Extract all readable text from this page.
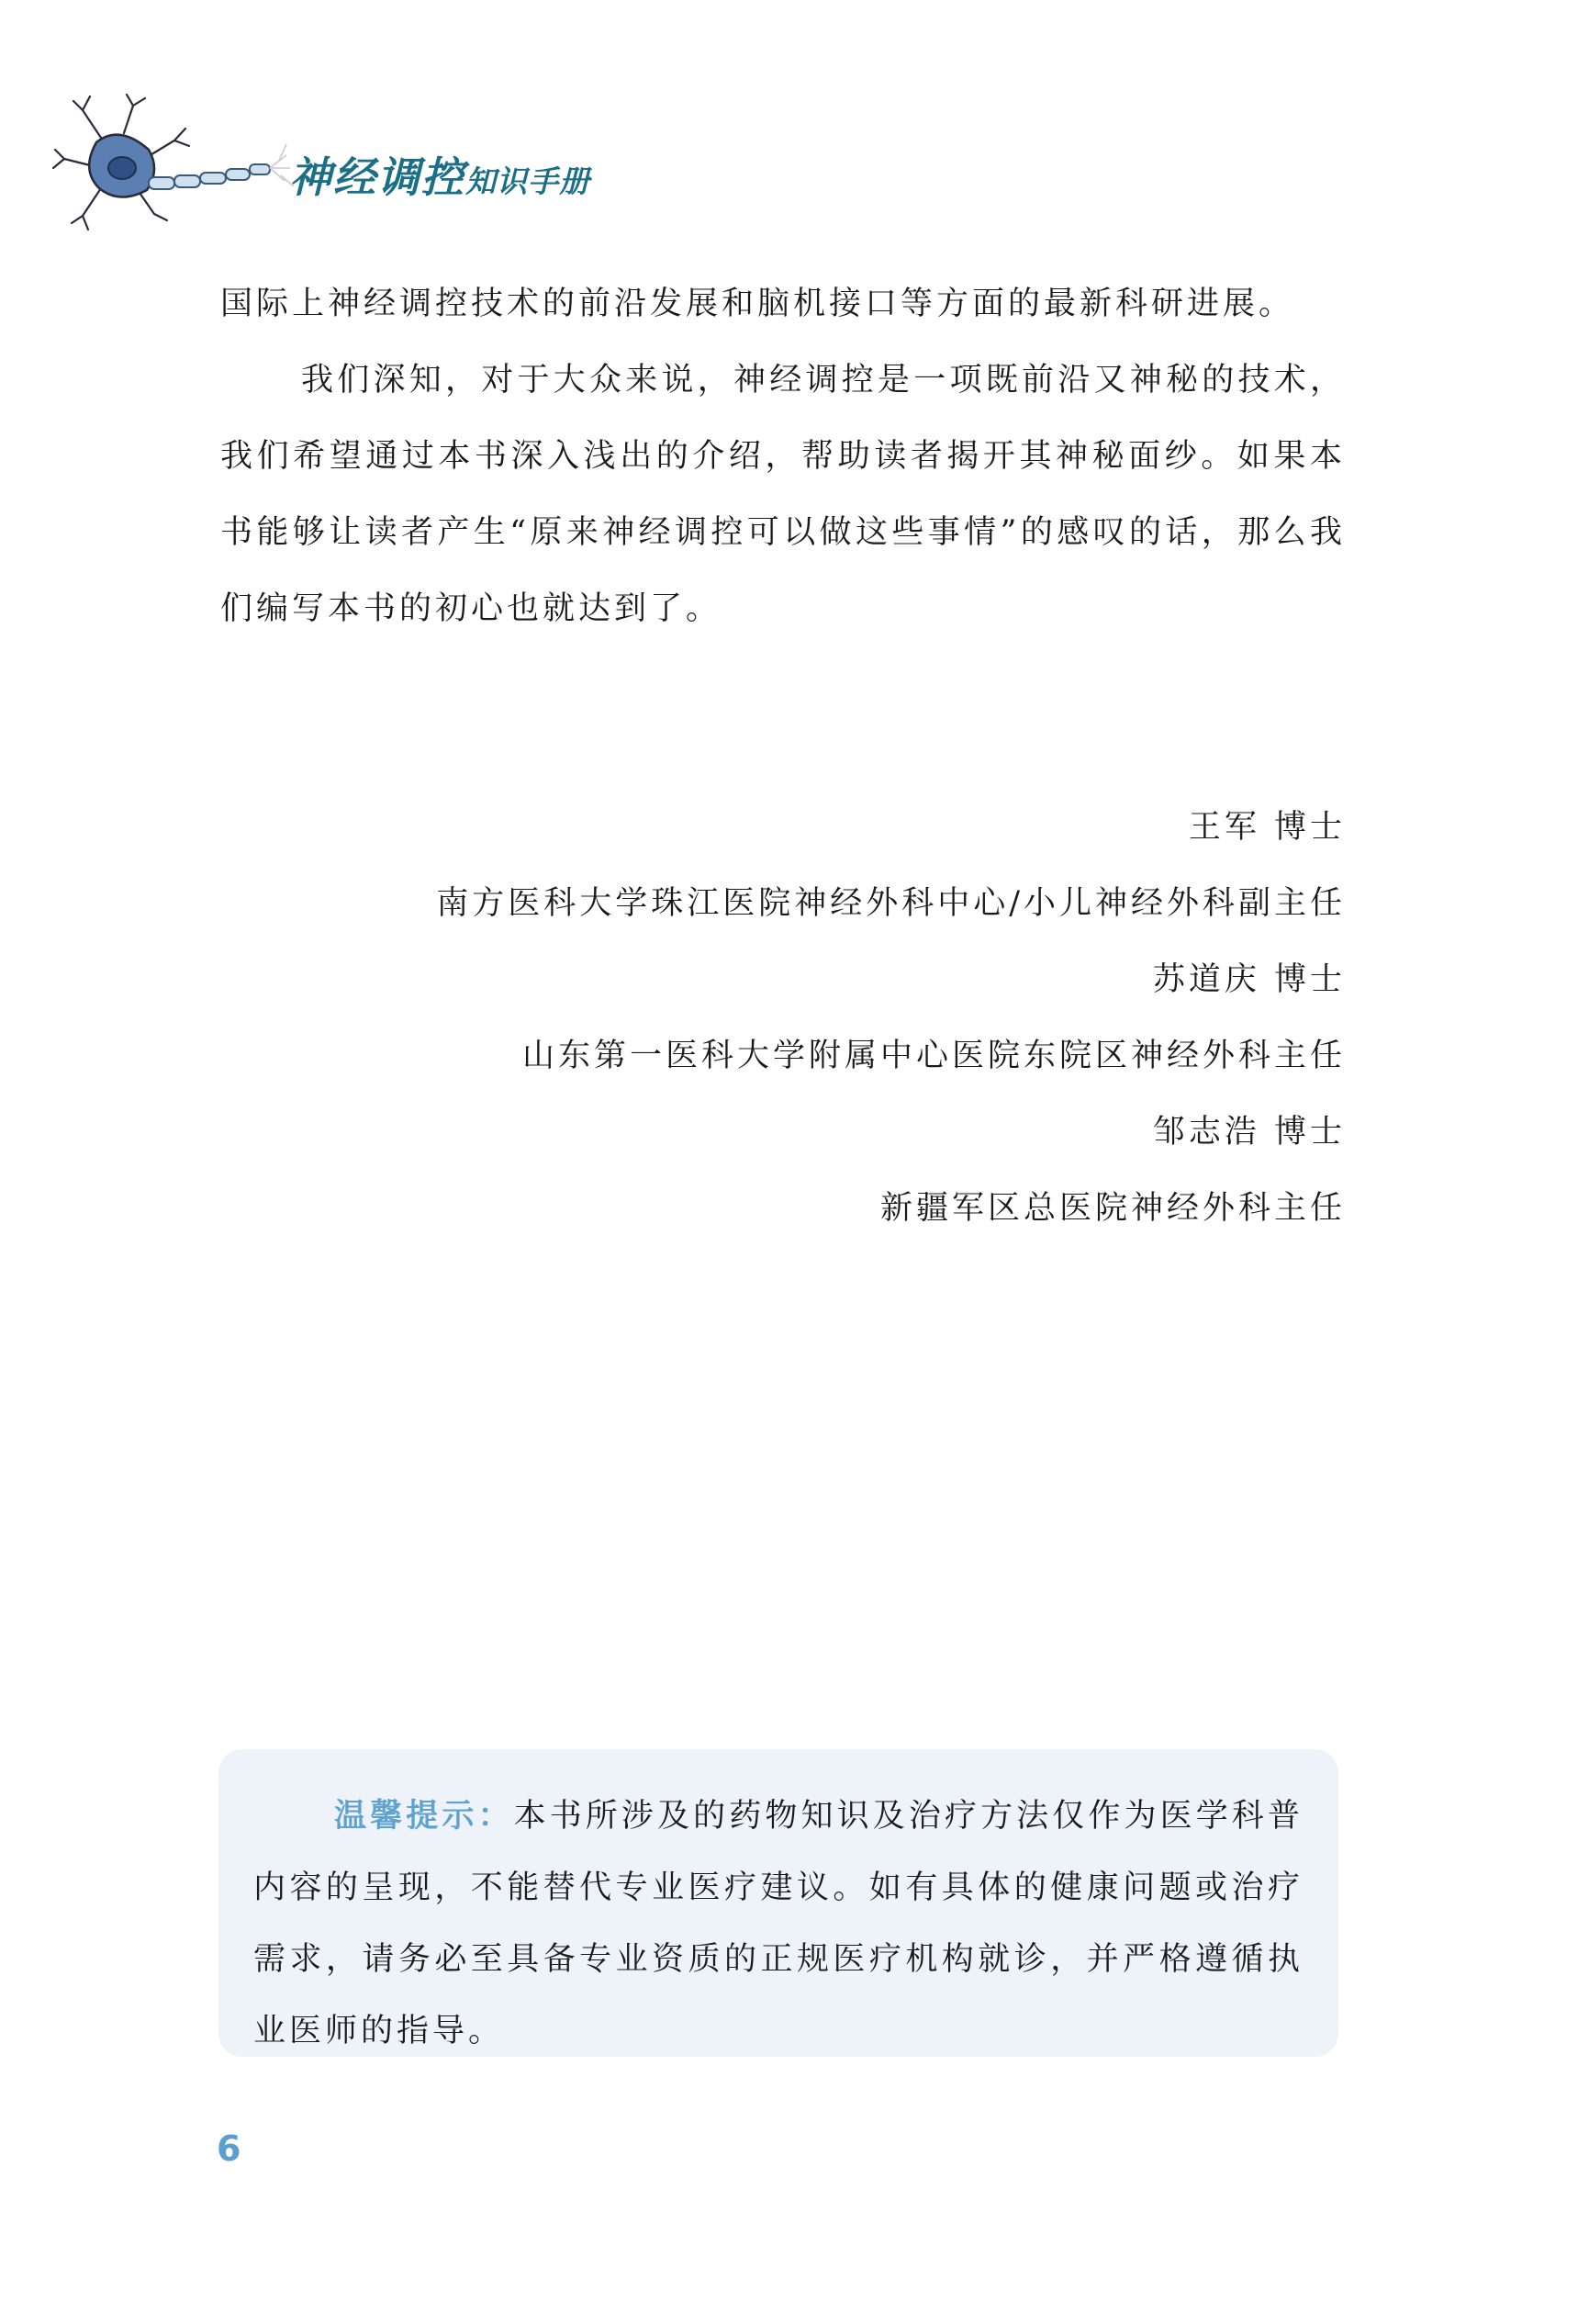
神经调控知识手册

国际上神经调控技术的前沿发展和脑机接口等方面的最新科研进展。

我们深知，对于大众来说，神经调控是一项既前沿又神秘的技术，我们希望通过本书深入浅出的介绍，帮助读者揭开其神秘面纱。如果本书能够让读者产生“原来神经调控可以做这些事情”的感叹的话，那么我们编写本书的初心也就达到了。

王军 博士

南方医科大学珠江医院神经外科中心/小儿神经外科副主任

苏道庆 博士

山东第一医科大学附属中心医院东院区神经外科主任

邹志浩 博士

新疆军区总医院神经外科主任

温馨提示：本书所涉及的药物知识及治疗方法仅作为医学科普内容的呈现，不能替代专业医疗建议。如有具体的健康问题或治疗需求，请务必至具备专业资质的正规医疗机构就诊，并严格遵循执业医师的指导。

6
